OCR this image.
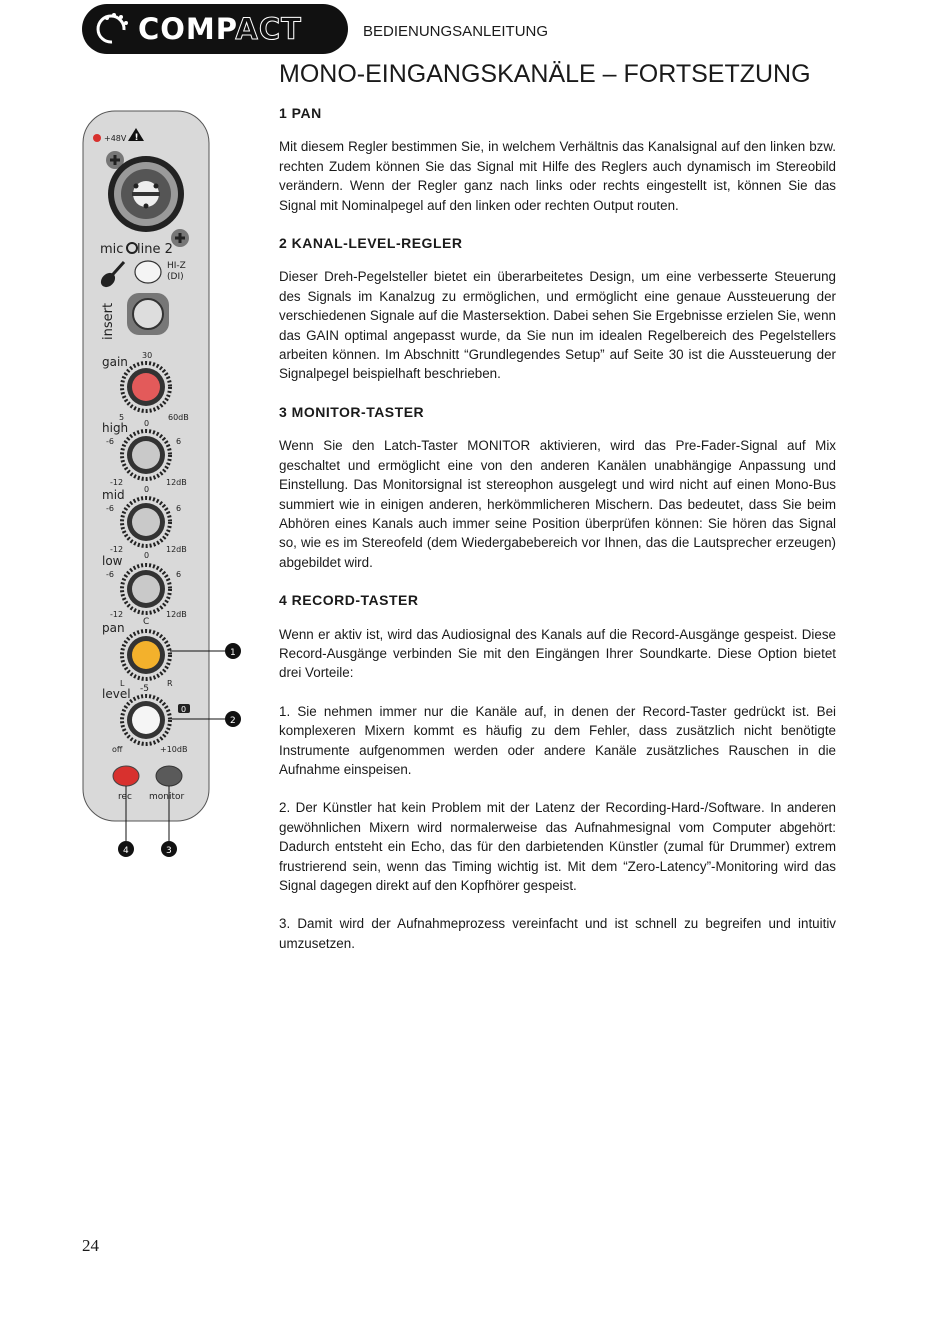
COMPACT	BEDIENUNGSANLEITUNG
MONO-EINGANGSKANÄLE – FORTSETZUNG
+48V !
mic line 2
HI-Z
(DI)
insert
gain 30
5	60dB
high 0
-6	6
-12	12dB
mid 0
-6	6
-12	12dB
low	0
-6	6
-12	12dB
pan C
L	R
level -5
0
off	+10dB
rec monitor
1
2
4	3
1 PAN

Mit diesem Regler bestimmen Sie, in welchem Verhältnis das Kanalsignal auf den linken bzw. rechten Zudem können Sie das Signal mit Hilfe des Reglers auch dynamisch im Stereobild verändern. Wenn der Regler ganz nach links oder rechts eingestellt ist, können Sie das Signal mit Nominalpegel auf den linken oder rechten Output routen.

2 KANAL-LEVEL-REGLER

Dieser Dreh-Pegelsteller bietet ein überarbeitetes Design, um eine verbesserte Steuerung des Signals im Kanalzug zu ermöglichen, und ermöglicht eine genaue Aussteuerung der verschiedenen Signale auf die Mastersektion. Dabei sehen Sie Ergebnisse erzielen Sie, wenn das GAIN optimal angepasst wurde, da Sie nun im idealen Regelbereich des Pegelstellers arbeiten können. Im Abschnitt “Grundlegendes Setup” auf Seite 30 ist die Aussteuerung der Signalpegel beispielhaft beschrieben.

3 MONITOR-TASTER

Wenn Sie den Latch-Taster MONITOR aktivieren, wird das Pre-Fader-Signal auf Mix geschaltet und ermöglicht eine von den anderen Kanälen unabhängige Anpassung und Einstellung. Das Monitorsignal ist stereophon ausgelegt und wird nicht auf einen Mono-Bus summiert wie in einigen anderen, herkömmlicheren Mischern. Das bedeutet, dass Sie beim Abhören eines Kanals auch immer seine Position überprüfen können: Sie hören das Signal so, wie es im Stereofeld (dem Wiedergabebereich vor Ihnen, das die Lautsprecher erzeugen) abgebildet wird.

4 RECORD-TASTER

Wenn er aktiv ist, wird das Audiosignal des Kanals auf die Record-Ausgänge gespeist. Diese Record-Ausgänge verbinden Sie mit den Eingängen Ihrer Soundkarte. Diese Option bietet drei Vorteile:

1. Sie nehmen immer nur die Kanäle auf, in denen der Record-Taster gedrückt ist. Bei komplexeren Mixern kommt es häufig zu dem Fehler, dass zusätzlich nicht benötigte Instrumente aufgenommen werden oder andere Kanäle zusätzliches Rauschen in die Aufnahme einspeisen.

2. Der Künstler hat kein Problem mit der Latenz der Recording-Hard-/Software. In anderen gewöhnlichen Mixern wird normalerweise das Aufnahmesignal vom Computer abgehört: Dadurch entsteht ein Echo, das für den darbietenden Künstler (zumal für Drummer) extrem frustrierend sein, wenn das Timing wichtig ist. Mit dem “Zero-Latency”-Monitoring wird das Signal dagegen direkt auf den Kopfhörer gespeist.

3. Damit wird der Aufnahmeprozess vereinfacht und ist schnell zu begreifen und intuitiv umzusetzen.

24
